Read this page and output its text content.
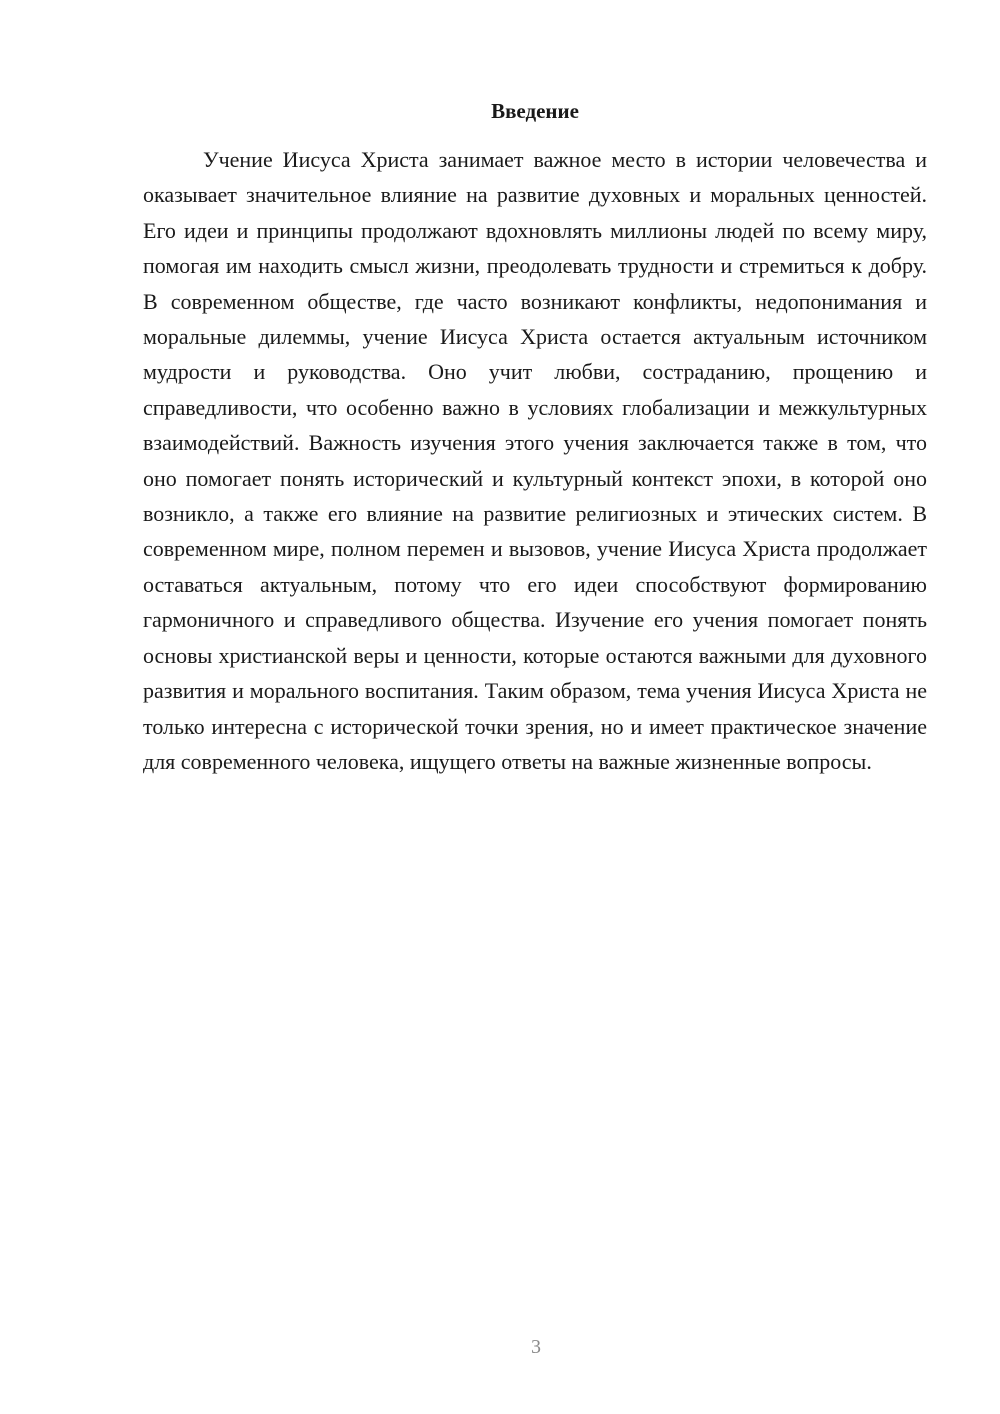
Введение

Учение Иисуса Христа занимает важное место в истории человечества и оказывает значительное влияние на развитие духовных и моральных ценностей. Его идеи и принципы продолжают вдохновлять миллионы людей по всему миру, помогая им находить смысл жизни, преодолевать трудности и стремиться к добру. В современном обществе, где часто возникают конфликты, недопонимания и моральные дилеммы, учение Иисуса Христа остается актуальным источником мудрости и руководства. Оно учит любви, состраданию, прощению и справедливости, что особенно важно в условиях глобализации и межкультурных взаимодействий. Важность изучения этого учения заключается также в том, что оно помогает понять исторический и культурный контекст эпохи, в которой оно возникло, а также его влияние на развитие религиозных и этических систем. В современном мире, полном перемен и вызовов, учение Иисуса Христа продолжает оставаться актуальным, потому что его идеи способствуют формированию гармоничного и справедливого общества. Изучение его учения помогает понять основы христианской веры и ценности, которые остаются важными для духовного развития и морального воспитания. Таким образом, тема учения Иисуса Христа не только интересна с исторической точки зрения, но и имеет практическое значение для современного человека, ищущего ответы на важные жизненные вопросы.

3
